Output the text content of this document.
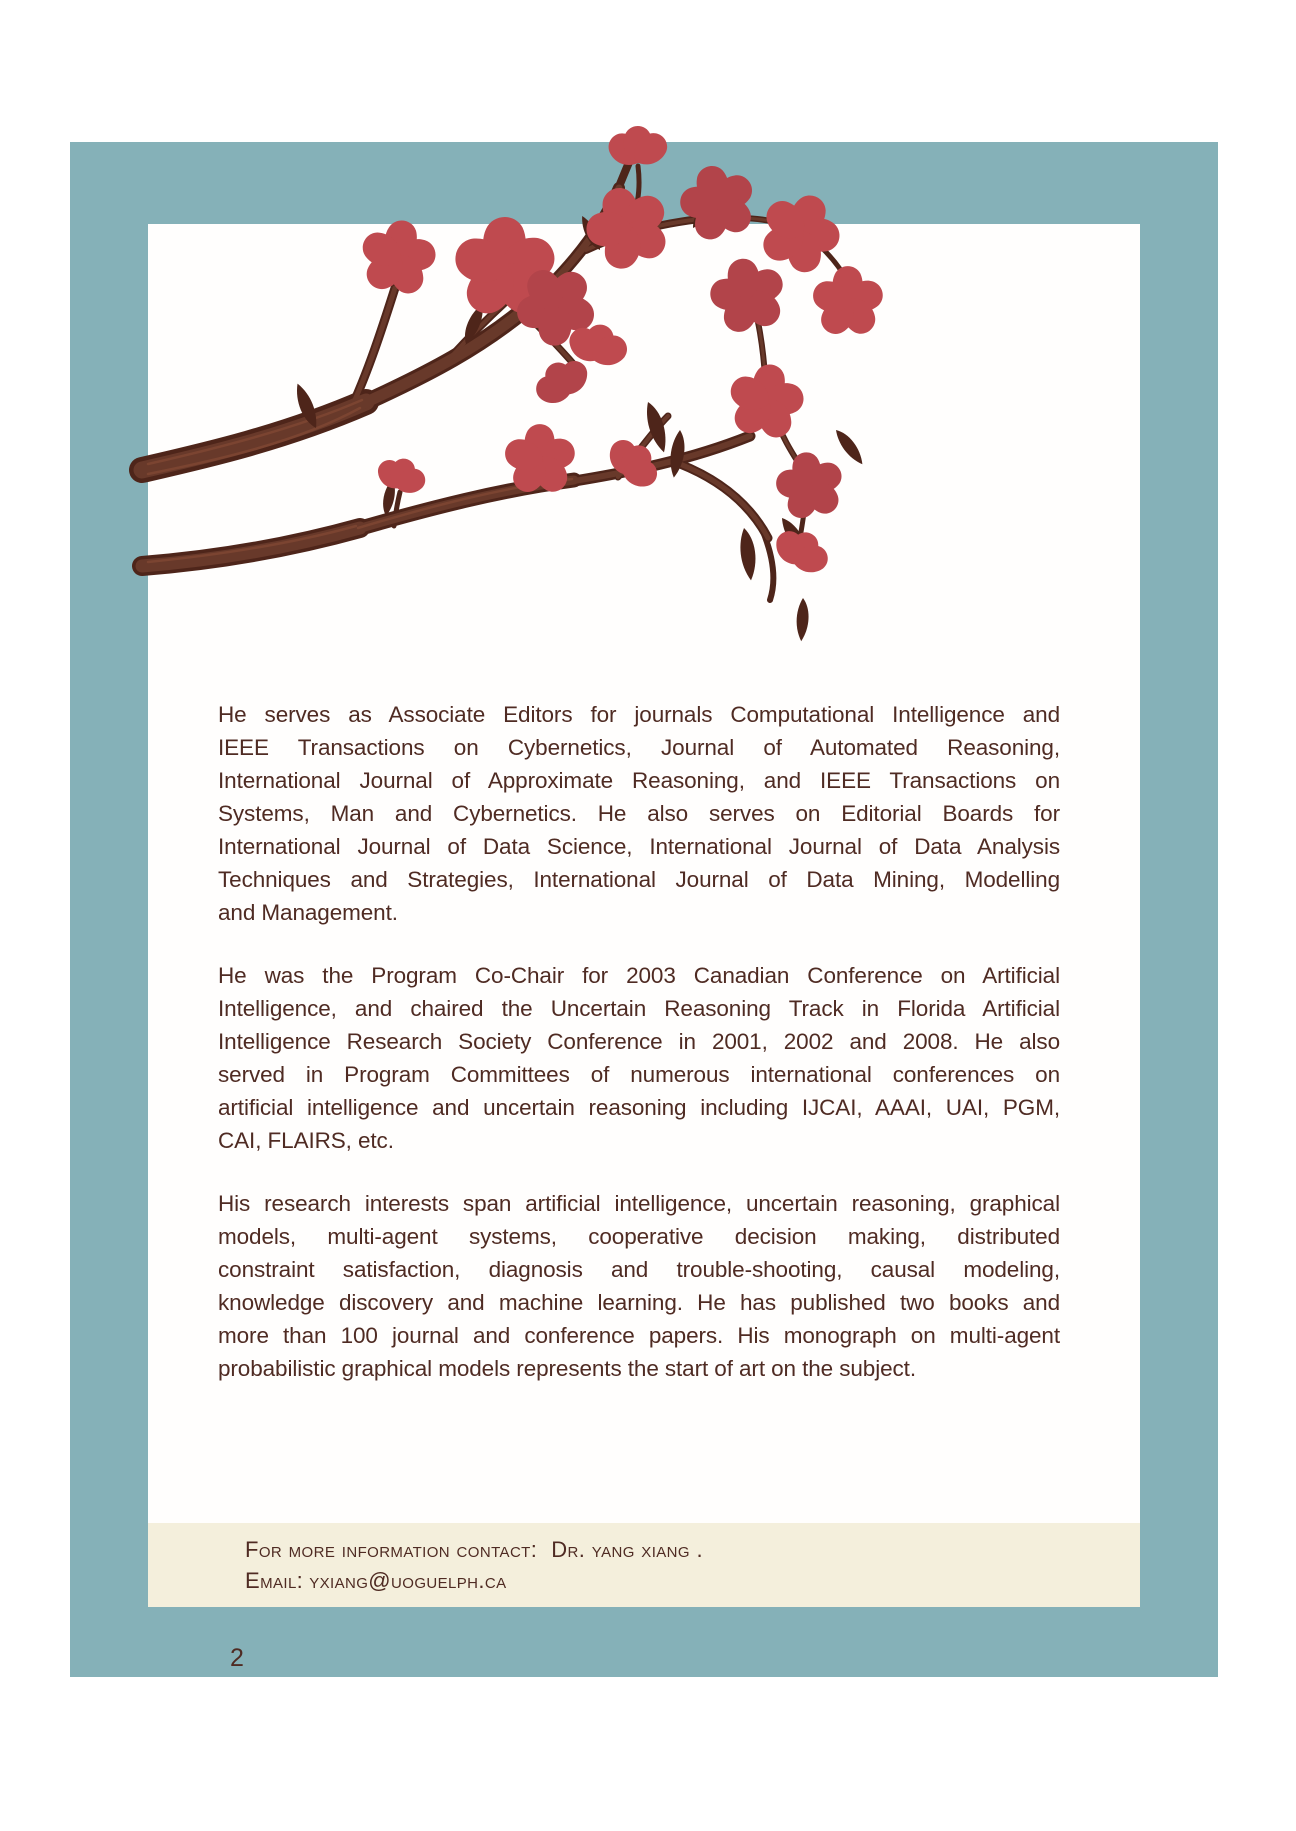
He serves as Associate Editors for journals Computational Intelligence and
IEEE Transactions on Cybernetics, Journal of Automated Reasoning,
International Journal of Approximate Reasoning, and IEEE Transactions on
Systems, Man and Cybernetics. He also serves on Editorial Boards for
International Journal of Data Science, International Journal of Data Analysis
Techniques and Strategies, International Journal of Data Mining, Modelling
and Management.
He was the Program Co-Chair for 2003 Canadian Conference on Artificial
Intelligence, and chaired the Uncertain Reasoning Track in Florida Artificial
Intelligence Research Society Conference in 2001, 2002 and 2008. He also
served in Program Committees of numerous international conferences on
artificial intelligence and uncertain reasoning including IJCAI, AAAI, UAI, PGM,
CAI, FLAIRS, etc.
His research interests span artificial intelligence, uncertain reasoning, graphical
models, multi-agent systems, cooperative decision making, distributed
constraint satisfaction, diagnosis and trouble-shooting, causal modeling,
knowledge discovery and machine learning. He has published two books and
more than 100 journal and conference papers. His monograph on multi-agent
probabilistic graphical models represents the start of art on the subject.
For more information contact: Dr. yang xiang .
Email: yxiang@uoguelph.ca
2
